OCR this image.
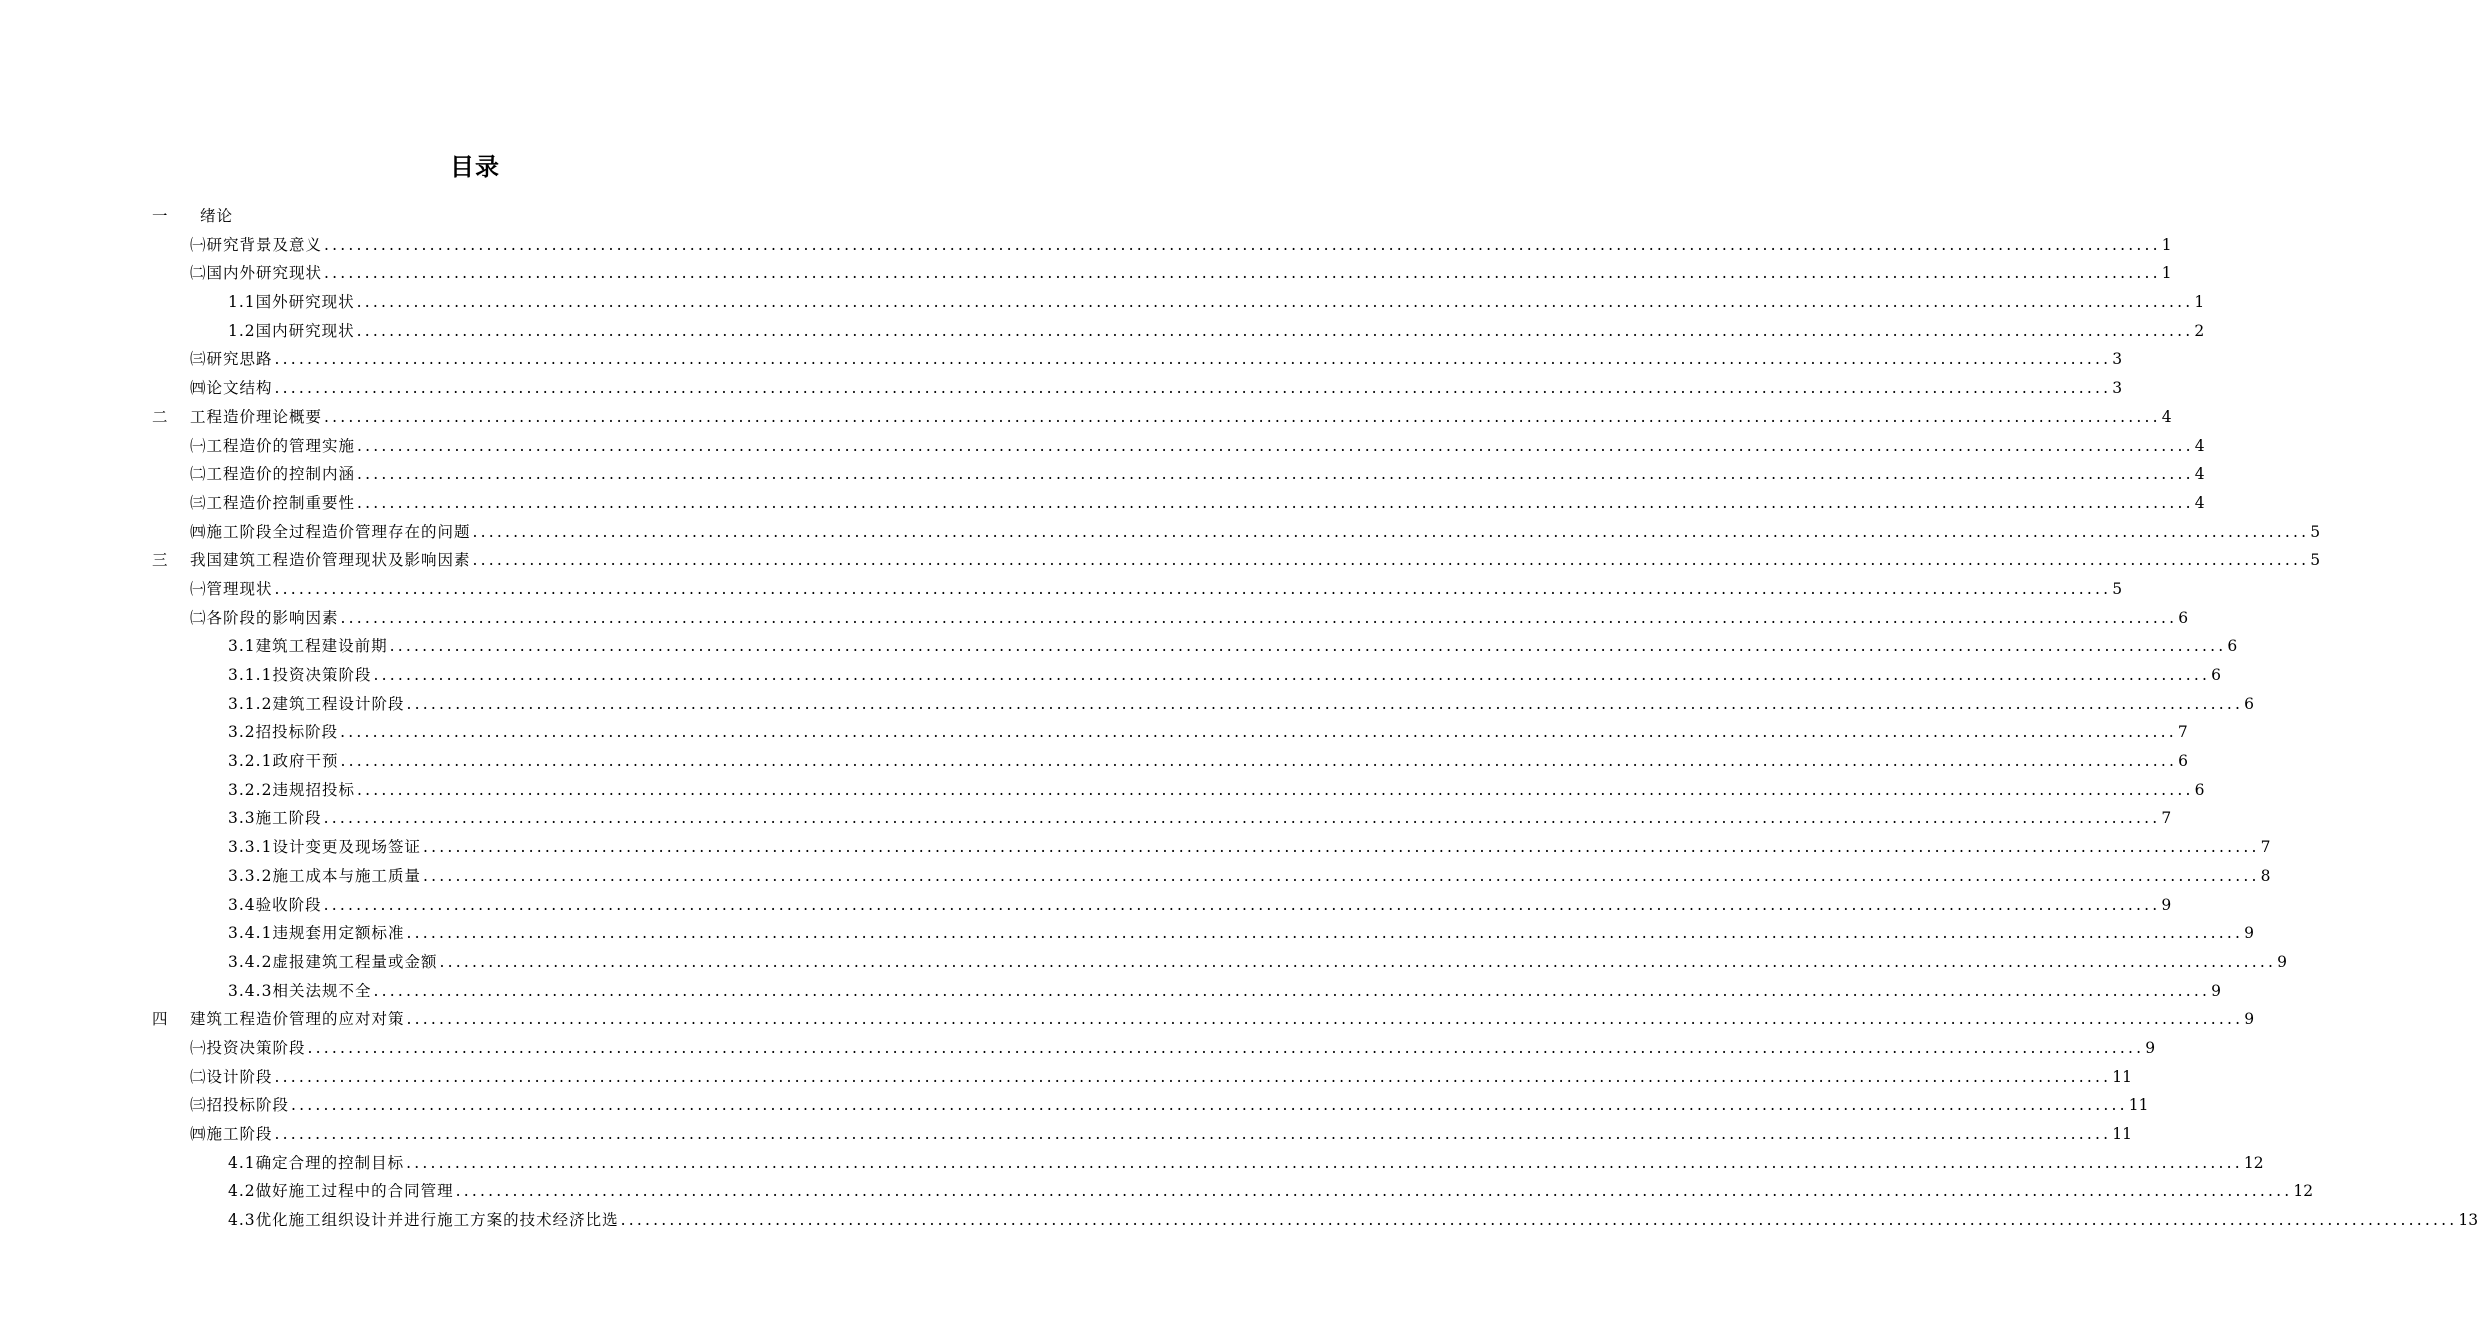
目录
一 绪论
㈠研究背景及意义 .................................................................................................................................................................................................................................. 1
㈡国内外研究现状 .................................................................................................................................................................................................................................. 1
1.1国外研究现状 .................................................................................................................................................................................................................................. 1
1.2国内研究现状 .................................................................................................................................................................................................................................. 2
㈢研究思路 .................................................................................................................................................................................................................................. 3
㈣论文结构 .................................................................................................................................................................................................................................. 3
二 工程造价理论概要 .................................................................................................................................................................................................................................. 4
㈠工程造价的管理实施 .................................................................................................................................................................................................................................. 4
㈡工程造价的控制内涵 .................................................................................................................................................................................................................................. 4
㈢工程造价控制重要性 .................................................................................................................................................................................................................................. 4
㈣施工阶段全过程造价管理存在的问题 .................................................................................................................................................................................................................................. 5
三 我国建筑工程造价管理现状及影响因素 .................................................................................................................................................................................................................................. 5
㈠管理现状 .................................................................................................................................................................................................................................. 5
㈡各阶段的影响因素 .................................................................................................................................................................................................................................. 6
3.1建筑工程建设前期 .................................................................................................................................................................................................................................. 6
3.1.1投资决策阶段 .................................................................................................................................................................................................................................. 6
3.1.2建筑工程设计阶段 .................................................................................................................................................................................................................................. 6
3.2招投标阶段 .................................................................................................................................................................................................................................. 7
3.2.1政府干预 .................................................................................................................................................................................................................................. 6
3.2.2违规招投标 .................................................................................................................................................................................................................................. 6
3.3施工阶段 .................................................................................................................................................................................................................................. 7
3.3.1设计变更及现场签证 .................................................................................................................................................................................................................................. 7
3.3.2施工成本与施工质量 .................................................................................................................................................................................................................................. 8
3.4验收阶段 .................................................................................................................................................................................................................................. 9
3.4.1违规套用定额标准 .................................................................................................................................................................................................................................. 9
3.4.2虚报建筑工程量或金额 .................................................................................................................................................................................................................................. 9
3.4.3相关法规不全 .................................................................................................................................................................................................................................. 9
四 建筑工程造价管理的应对对策 .................................................................................................................................................................................................................................. 9
㈠投资决策阶段 .................................................................................................................................................................................................................................. 9
㈡设计阶段 .................................................................................................................................................................................................................................. 11
㈢招投标阶段 .................................................................................................................................................................................................................................. 11
㈣施工阶段 .................................................................................................................................................................................................................................. 11
4.1确定合理的控制目标 .................................................................................................................................................................................................................................. 12
4.2做好施工过程中的合同管理 .................................................................................................................................................................................................................................. 12
4.3优化施工组织设计并进行施工方案的技术经济比选 .................................................................................................................................................................................................................................. 13
